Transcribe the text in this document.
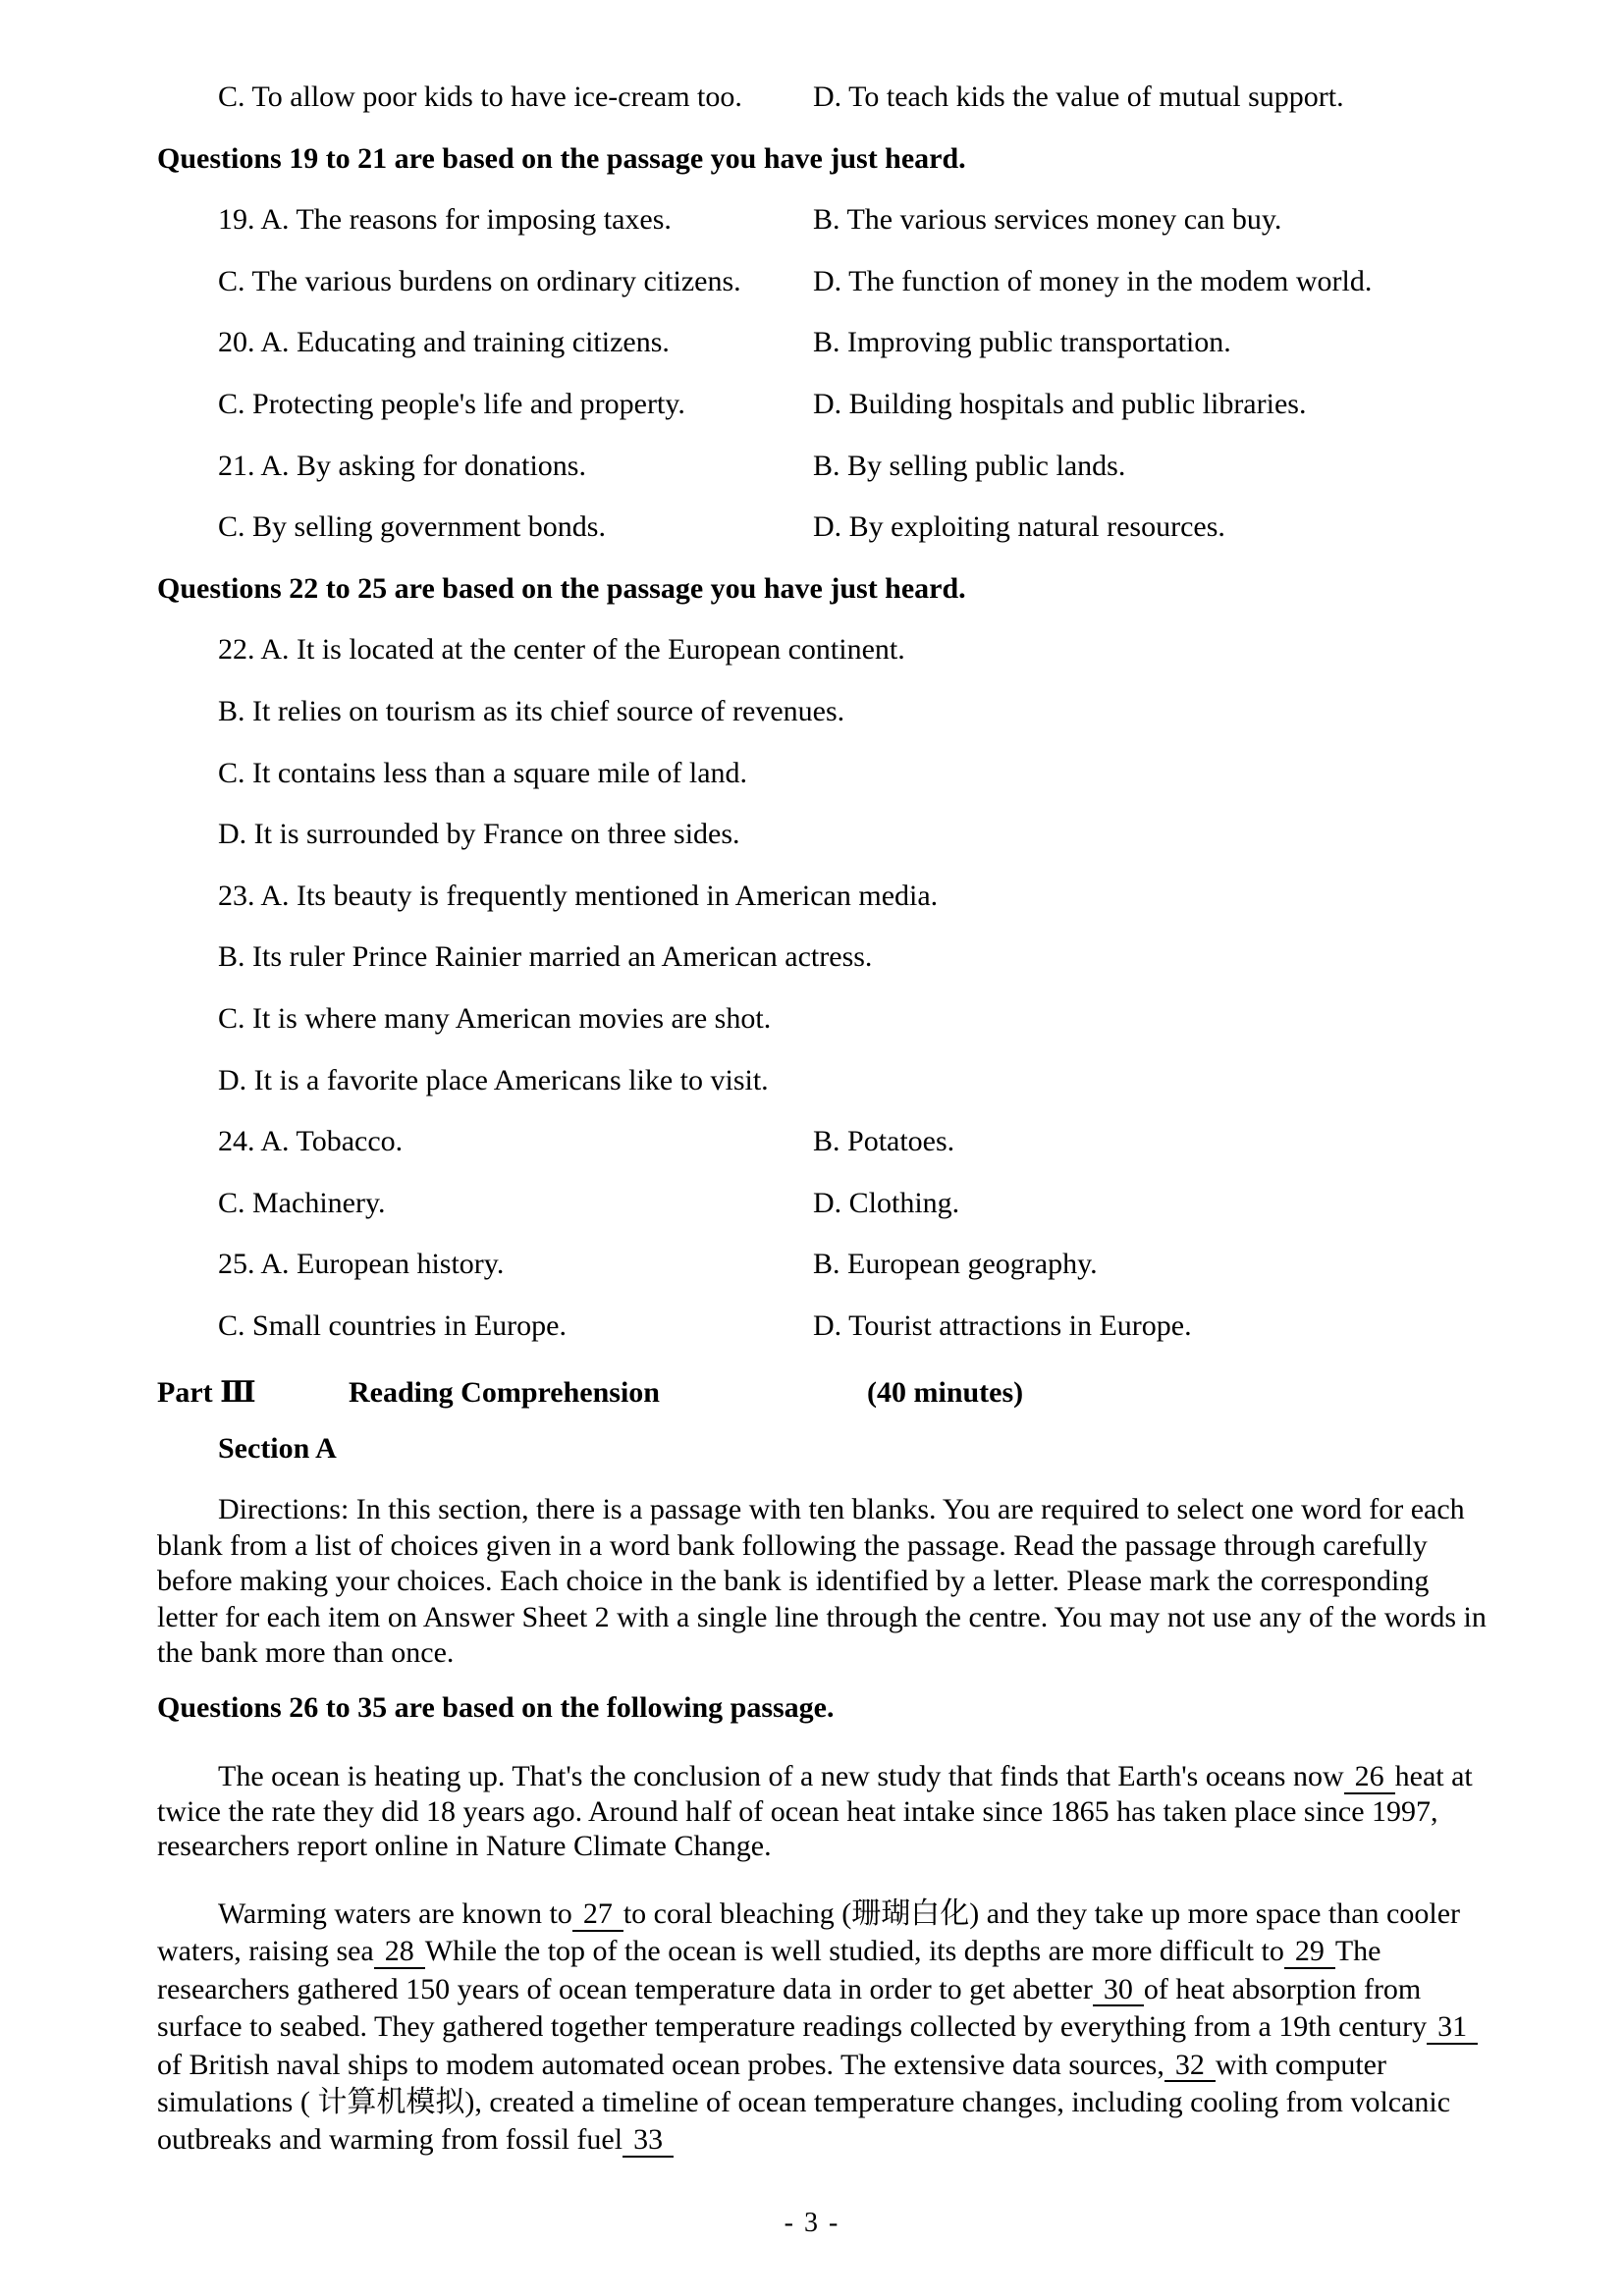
C. To allow poor kids to have ice-cream too. D. To teach kids the value of mutual support.
Questions 19 to 21 are based on the passage you have just heard.
19. A. The reasons for imposing taxes.	B. The various services money can buy.
C. The various burdens on ordinary citizens. D. The function of money in the modem world.
20. A. Educating and training citizens.	B. Improving public transportation.
C. Protecting people's life and property.	D. Building hospitals and public libraries.
21. A. By asking for donations.	B. By selling public lands.
C. By selling government bonds.	D. By exploiting natural resources.
Questions 22 to 25 are based on the passage you have just heard.
22. A. It is located at the center of the European continent.
B. It relies on tourism as its chief source of revenues.
C. It contains less than a square mile of land.
D. It is surrounded by France on three sides.
23. A. Its beauty is frequently mentioned in American media.
B. Its ruler Prince Rainier married an American actress.
C. It is where many American movies are shot.
D. It is a favorite place Americans like to visit.
24. A. Tobacco.	B. Potatoes.
C. Machinery.	D. Clothing.
25. A. European history.	B. European geography.
C. Small countries in Europe.	D. Tourist attractions in Europe.
Part Ⅲ	Reading Comprehension	(40 minutes)
Section A
Directions: In this section, there is a passage with ten blanks. You are required to select one word for each blank from a list of choices given in a word bank following the passage. Read the passage through carefully before making your choices. Each choice in the bank is identified by a letter. Please mark the corresponding letter for each item on Answer Sheet 2 with a single line through the centre. You may not use any of the words in the bank more than once.
Questions 26 to 35 are based on the following passage.
The ocean is heating up. That's the conclusion of a new study that finds that Earth's oceans now 26 heat at twice the rate they did 18 years ago. Around half of ocean heat intake since 1865 has taken place since 1997, researchers report online in Nature Climate Change.
Warming waters are known to 27 to coral bleaching (珊瑚白化) and they take up more space than cooler waters, raising sea 28 While the top of the ocean is well studied, its depths are more difficult to 29 The researchers gathered 150 years of ocean temperature data in order to get abetter 30 of heat absorption from surface to seabed. They gathered together temperature readings collected by everything from a 19th century 31of British naval ships to modem automated ocean probes. The extensive data sources, 32 with computer simulations ( 计算机模拟), created a timeline of ocean temperature changes, including cooling from volcanic outbreaks and warming from fossil fuel 33
- 3 -
